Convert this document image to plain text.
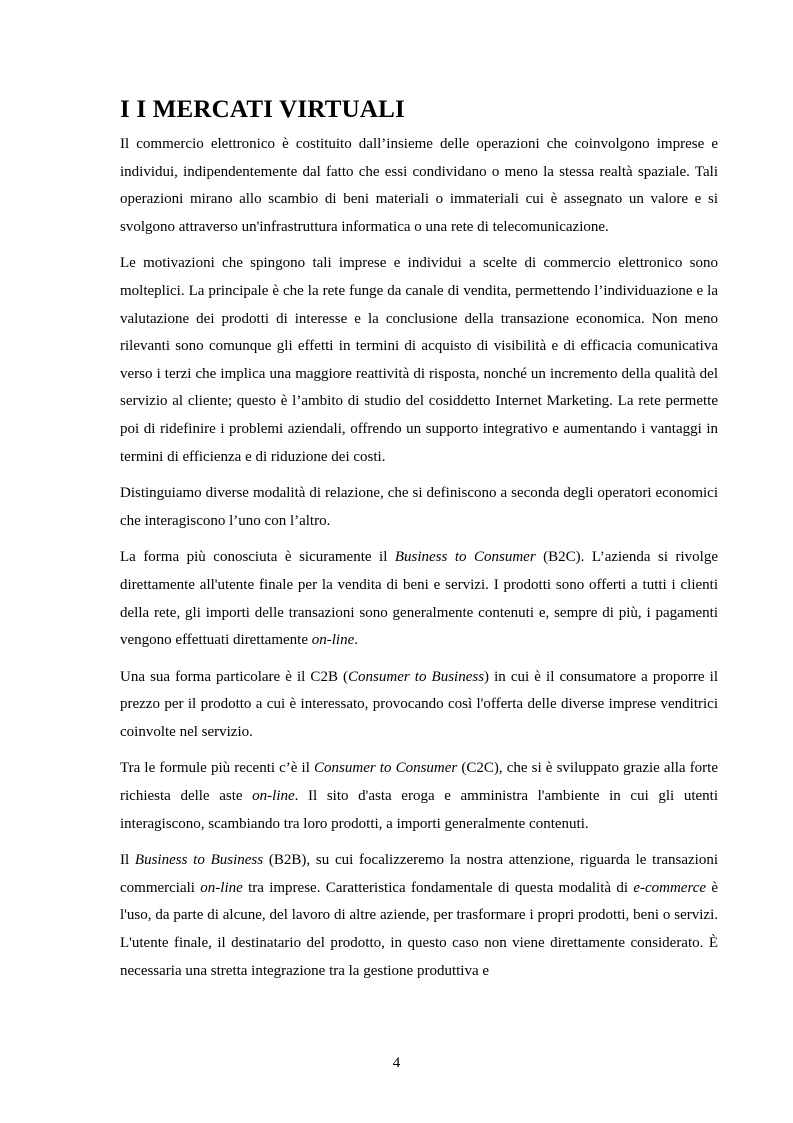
I I MERCATI VIRTUALI

Il commercio elettronico è costituito dall’insieme delle operazioni che coinvolgono imprese e individui, indipendentemente dal fatto che essi condividano o meno la stessa realtà spaziale. Tali operazioni mirano allo scambio di beni materiali o immateriali cui è assegnato un valore e si svolgono attraverso un'infrastruttura informatica o una rete di telecomunicazione.

Le motivazioni che spingono tali imprese e individui a scelte di commercio elettronico sono molteplici. La principale è che la rete funge da canale di vendita, permettendo l’individuazione e la valutazione dei prodotti di interesse e la conclusione della transazione economica. Non meno rilevanti sono comunque gli effetti in termini di acquisto di visibilità e di efficacia comunicativa verso i terzi che implica una maggiore reattività di risposta, nonché un incremento della qualità del servizio al cliente; questo è l’ambito di studio del cosiddetto Internet Marketing. La rete permette poi di ridefinire i problemi aziendali, offrendo un supporto integrativo e aumentando i vantaggi in termini di efficienza e di riduzione dei costi.

Distinguiamo diverse modalità di relazione, che si definiscono a seconda degli operatori economici che interagiscono l’uno con l’altro.

La forma più conosciuta è sicuramente il Business to Consumer (B2C). L’azienda si rivolge direttamente all'utente finale per la vendita di beni e servizi. I prodotti sono offerti a tutti i clienti della rete, gli importi delle transazioni sono generalmente contenuti e, sempre di più, i pagamenti vengono effettuati direttamente on-line.

Una sua forma particolare è il C2B (Consumer to Business) in cui è il consumatore a proporre il prezzo per il prodotto a cui è interessato, provocando così l'offerta delle diverse imprese venditrici coinvolte nel servizio.

Tra le formule più recenti c’è il Consumer to Consumer (C2C), che si è sviluppato grazie alla forte richiesta delle aste on-line. Il sito d'asta eroga e amministra l'ambiente in cui gli utenti interagiscono, scambiando tra loro prodotti, a importi generalmente contenuti.

Il Business to Business (B2B), su cui focalizzeremo la nostra attenzione, riguarda le transazioni commerciali on-line tra imprese. Caratteristica fondamentale di questa modalità di e-commerce è l'uso, da parte di alcune, del lavoro di altre aziende, per trasformare i propri prodotti, beni o servizi. L'utente finale, il destinatario del prodotto, in questo caso non viene direttamente considerato. È necessaria una stretta integrazione tra la gestione produttiva e

4
